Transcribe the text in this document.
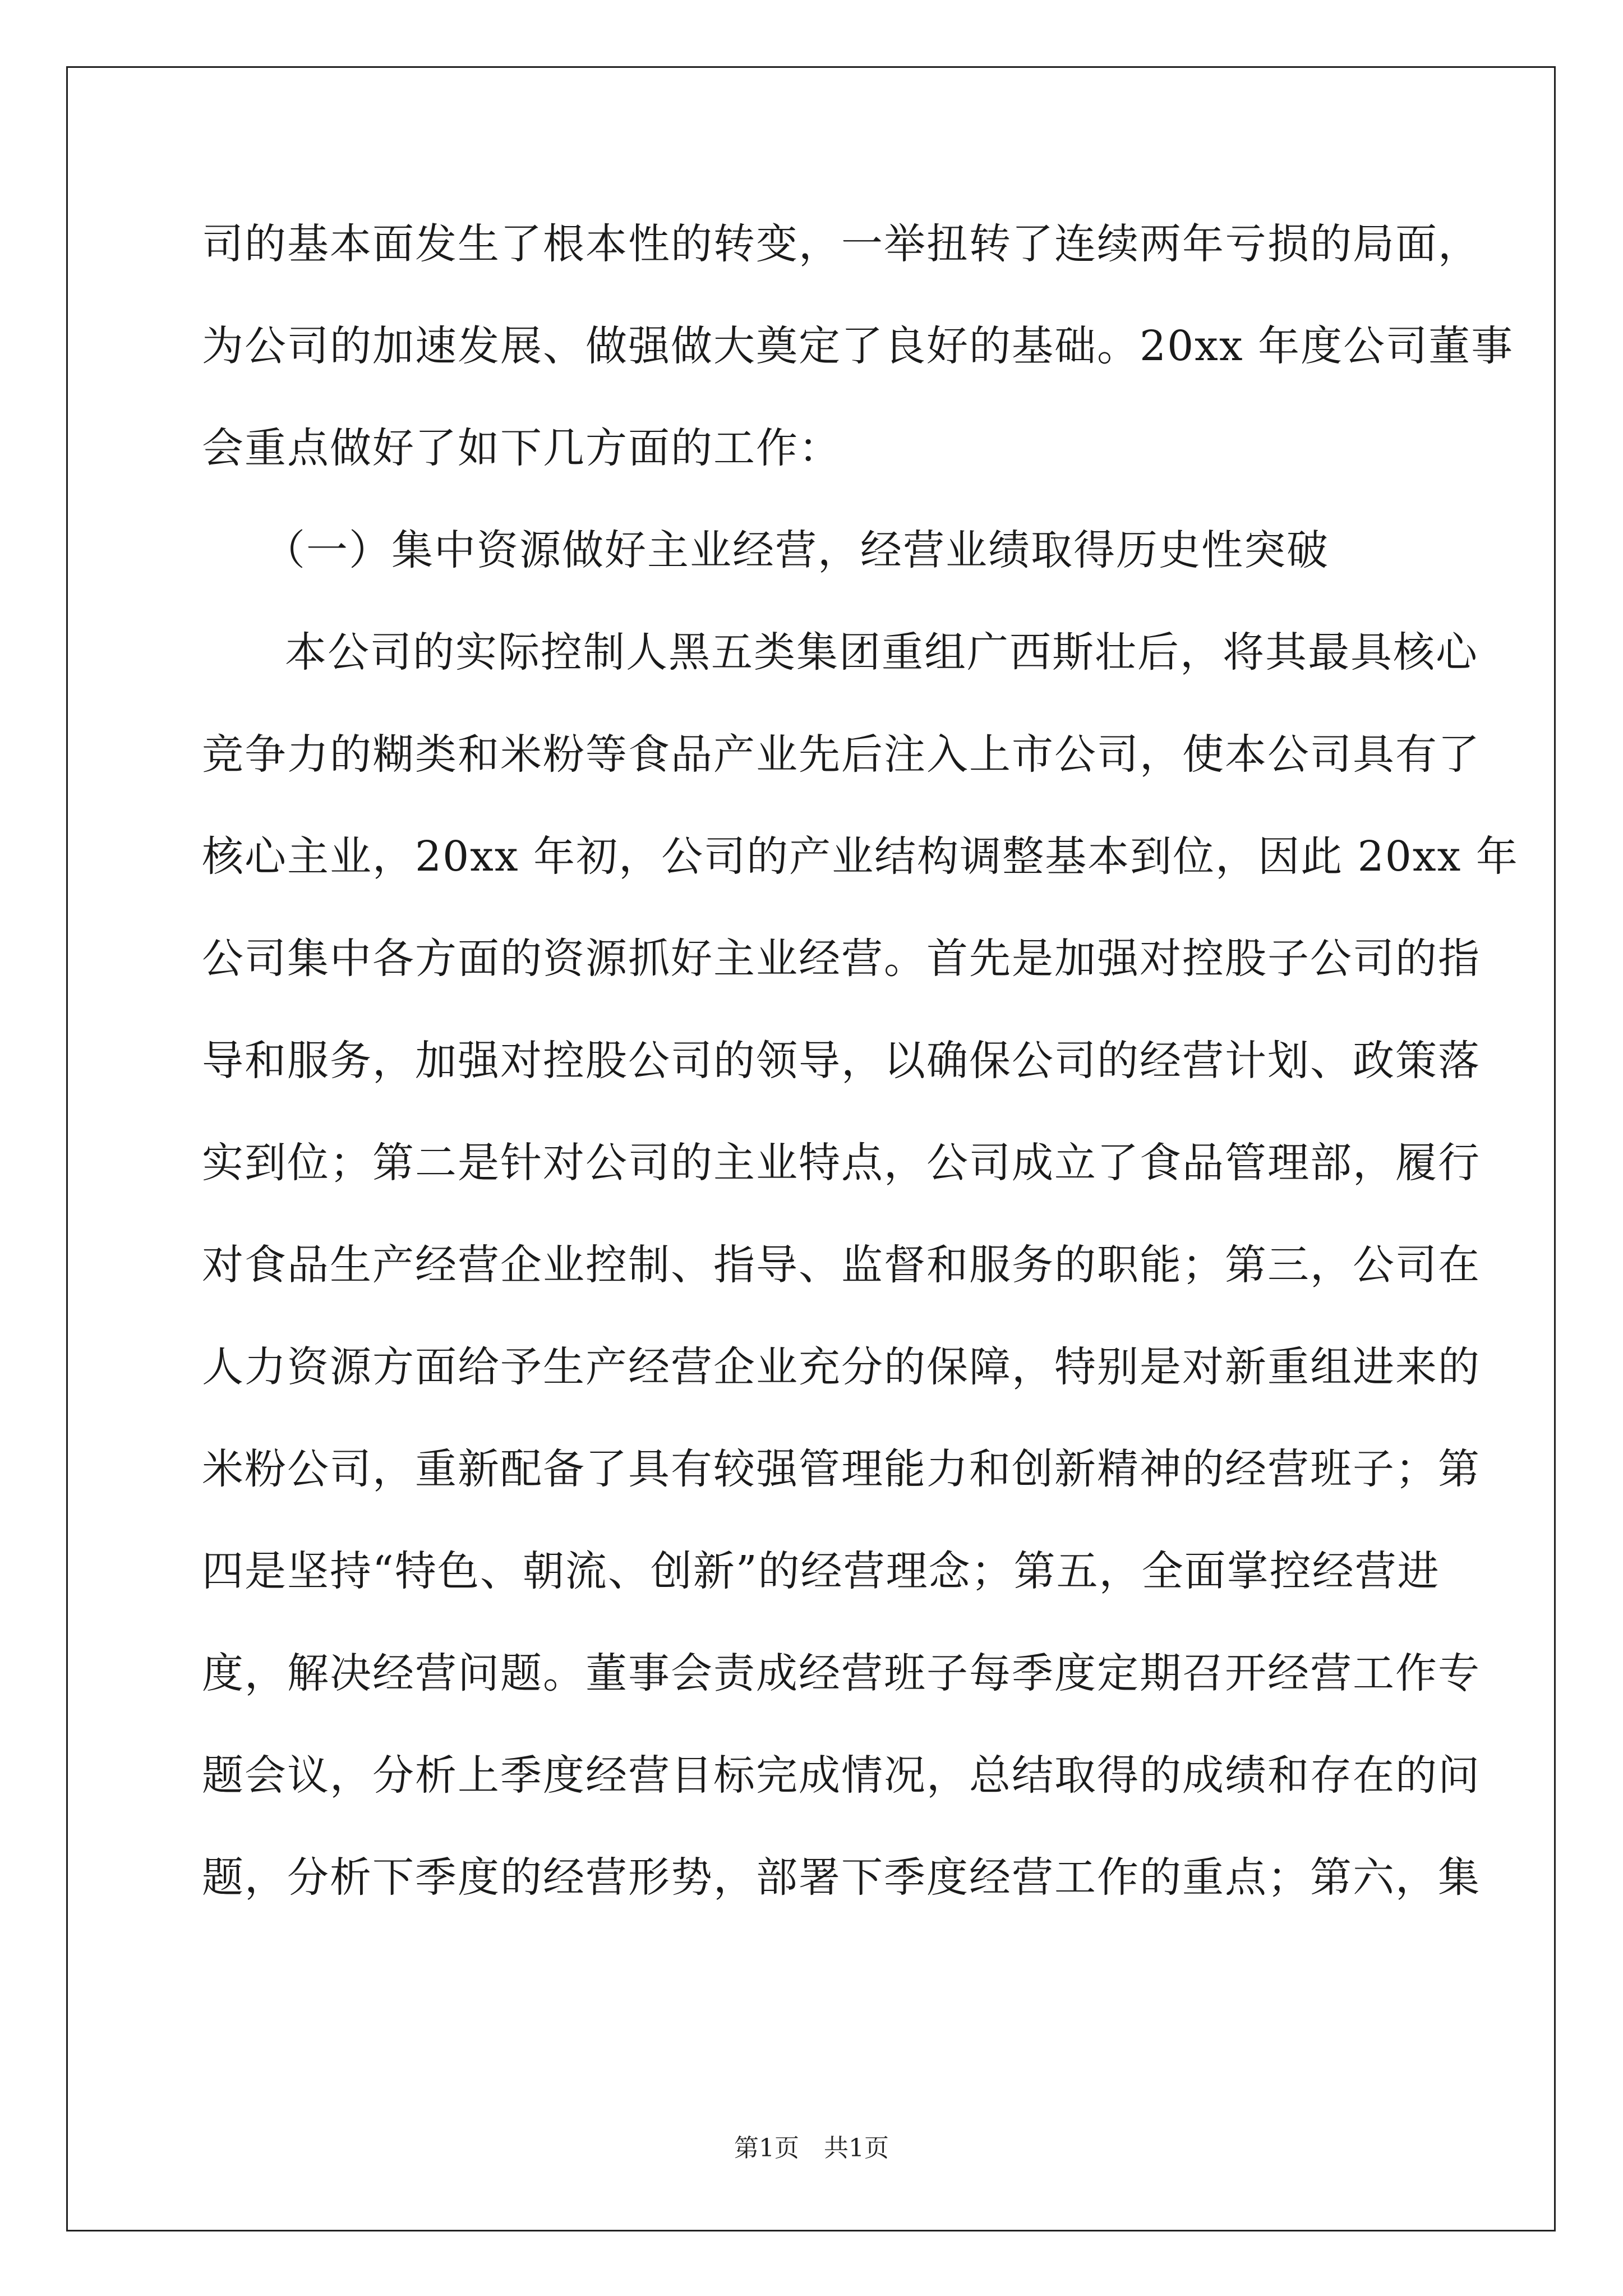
司的基本面发生了根本性的转变，一举扭转了连续两年亏损的局面，
为公司的加速发展、做强做大奠定了良好的基础。20xx 年度公司董事
会重点做好了如下几方面的工作：
（一）集中资源做好主业经营，经营业绩取得历史性突破
本公司的实际控制人黑五类集团重组广西斯壮后，将其最具核心
竞争力的糊类和米粉等食品产业先后注入上市公司，使本公司具有了
核心主业，20xx 年初，公司的产业结构调整基本到位，因此 20xx 年
公司集中各方面的资源抓好主业经营。首先是加强对控股子公司的指
导和服务，加强对控股公司的领导，以确保公司的经营计划、政策落
实到位；第二是针对公司的主业特点，公司成立了食品管理部，履行
对食品生产经营企业控制、指导、监督和服务的职能；第三，公司在
人力资源方面给予生产经营企业充分的保障，特别是对新重组进来的
米粉公司，重新配备了具有较强管理能力和创新精神的经营班子；第
四是坚持“特色、朝流、创新”的经营理念；第五，全面掌控经营进
度，解决经营问题。董事会责成经营班子每季度定期召开经营工作专
题会议，分析上季度经营目标完成情况，总结取得的成绩和存在的问
题，分析下季度的经营形势，部署下季度经营工作的重点；第六，集
第1页　共1页
